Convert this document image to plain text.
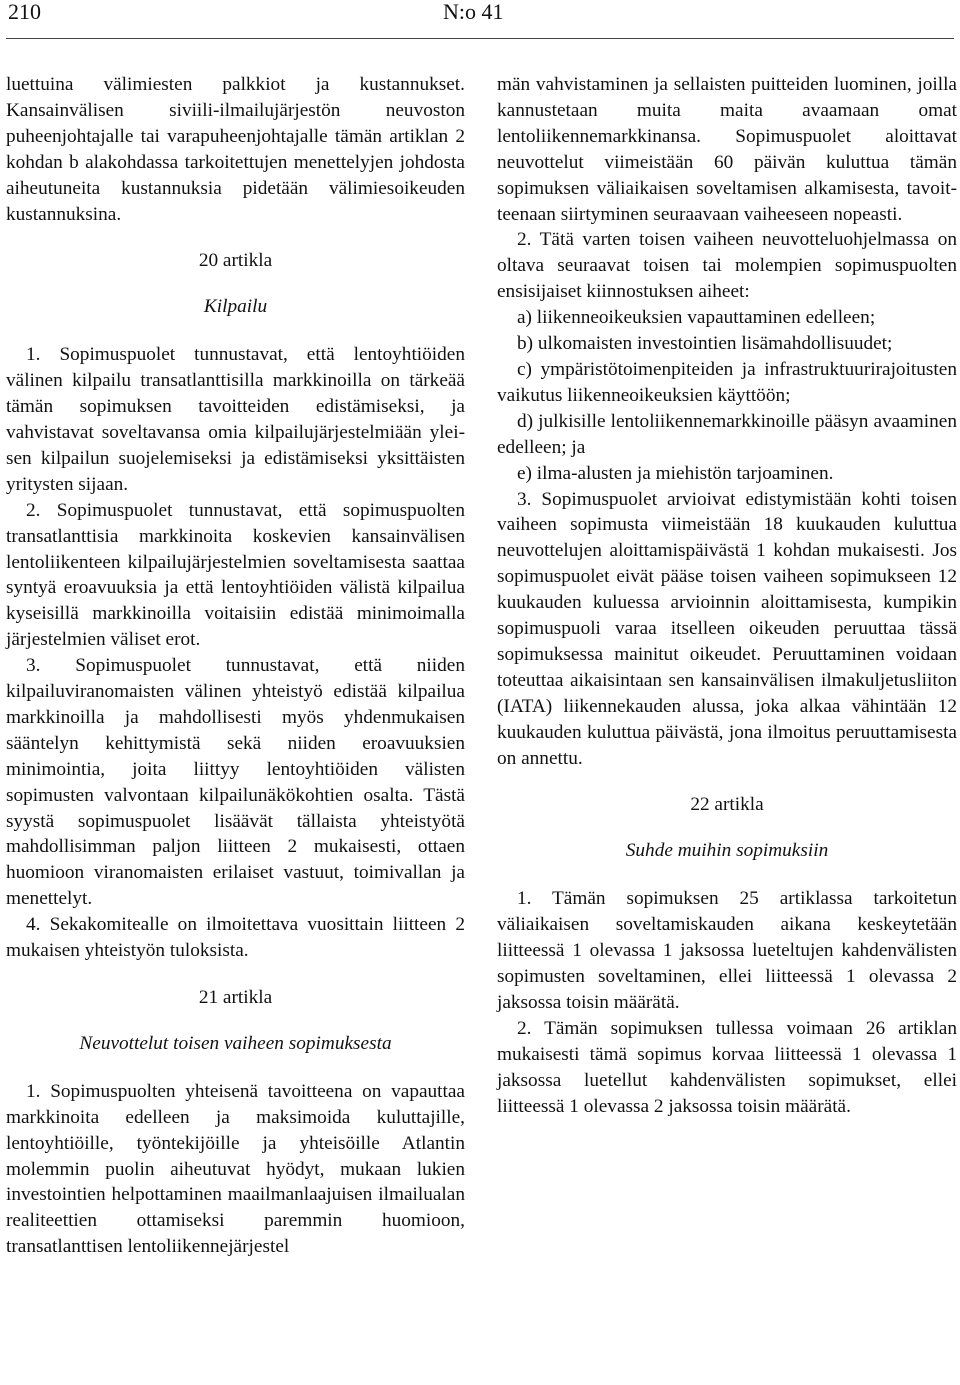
210	N:o 41

luettuina välimiesten palkkiot ja kustannukset. Kansainvälisen siviili-ilmailujärjestön neuvoston puheenjohtajalle tai varapuheenjohtajalle tämän artiklan 2 kohdan b alakohdassa tarkoitettujen menettelyjen johdosta aiheutuneita kustannuksia pidetään välimiesoikeuden kustannuksina.

20 artikla

Kilpailu

1. Sopimuspuolet tunnustavat, että lentoyhtiöiden välinen kilpailu transatlanttisilla markkinoilla on tärkeää tämän sopimuksen tavoitteiden edistämiseksi, ja vahvistavat soveltavansa omia kilpailujärjestelmiään yleisen kilpailun suojelemiseksi ja edistämiseksi yksittäisten yritysten sijaan.

2. Sopimuspuolet tunnustavat, että sopimuspuolten transatlanttisia markkinoita koskevien kansainvälisen lentoliikenteen kilpailujärjestelmien soveltamisesta saattaa syntyä eroavuuksia ja että lentoyhtiöiden välistä kilpailua kyseisillä markkinoilla voitaisiin edistää minimoimalla järjestelmien väliset erot.

3. Sopimuspuolet tunnustavat, että niiden kilpailuviranomaisten välinen yhteistyö edistää kilpailua markkinoilla ja mahdollisesti myös yhdenmukaisen sääntelyn kehittymistä sekä niiden eroavuuksien minimointia, joita liittyy lentoyhtiöiden välisten sopimusten valvontaan kilpailunäkökohtien osalta. Tästä syystä sopimuspuolet lisäävät tällaista yhteistyötä mahdollisimman paljon liitteen 2 mukaisesti, ottaen huomioon viranomaisten erilaiset vastuut, toimivallan ja menettelyt.

4. Sekakomitealle on ilmoitettava vuosittain liitteen 2 mukaisen yhteistyön tuloksista.

21 artikla

Neuvottelut toisen vaiheen sopimuksesta

1. Sopimuspuolten yhteisenä tavoitteena on vapauttaa markkinoita edelleen ja maksimoida kuluttajille, lentoyhtiöille, työntekijöille ja yhteisöille Atlantin molemmin puolin aiheutuvat hyödyt, mukaan lukien investointien helpottaminen maailmanlaajuisen ilmailualan realiteettien ottamiseksi paremmin huomioon, transatlanttisen lentoliikennejärjestel

män vahvistaminen ja sellaisten puitteiden luominen, joilla kannustetaan muita maita avaamaan omat lentoliikennemarkkinansa. Sopimuspuolet aloittavat neuvottelut viimeistään 60 päivän kuluttua tämän sopimuksen väliaikaisen soveltamisen alkamisesta, tavoitteenaan siirtyminen seuraavaan vaiheeseen nopeasti.

2. Tätä varten toisen vaiheen neuvotteluohjelmassa on oltava seuraavat toisen tai molempien sopimuspuolten ensisijaiset kiinnostuksen aiheet:

a) liikenneoikeuksien vapauttaminen edelleen;

b) ulkomaisten investointien lisämahdollisuudet;

c) ympäristötoimenpiteiden ja infrastruktuurirajoitusten vaikutus liikenneoikeuksien käyttöön;

d) julkisille lentoliikennemarkkinoille pääsyn avaaminen edelleen; ja

e) ilma-alusten ja miehistön tarjoaminen.

3. Sopimuspuolet arvioivat edistymistään kohti toisen vaiheen sopimusta viimeistään 18 kuukauden kuluttua neuvottelujen aloittamispäivästä 1 kohdan mukaisesti. Jos sopimuspuolet eivät pääse toisen vaiheen sopimukseen 12 kuukauden kuluessa arvioinnin aloittamisesta, kumpikin sopimuspuoli varaa itselleen oikeuden peruuttaa tässä sopimuksessa mainitut oikeudet. Peruuttaminen voidaan toteuttaa aikaisintaan sen kansainvälisen ilmakuljetusliiton (IATA) liikennekauden alussa, joka alkaa vähintään 12 kuukauden kuluttua päivästä, jona ilmoitus peruuttamisesta on annettu.

22 artikla

Suhde muihin sopimuksiin

1. Tämän sopimuksen 25 artiklassa tarkoitetun väliaikaisen soveltamiskauden aikana keskeytetään liitteessä 1 olevassa 1 jaksossa lueteltujen kahdenvälisten sopimusten soveltaminen, ellei liitteessä 1 olevassa 2 jaksossa toisin määrätä.

2. Tämän sopimuksen tullessa voimaan 26 artiklan mukaisesti tämä sopimus korvaa liitteessä 1 olevassa 1 jaksossa luetellut kahdenvälisten sopimukset, ellei liitteessä 1 olevassa 2 jaksossa toisin määrätä.
